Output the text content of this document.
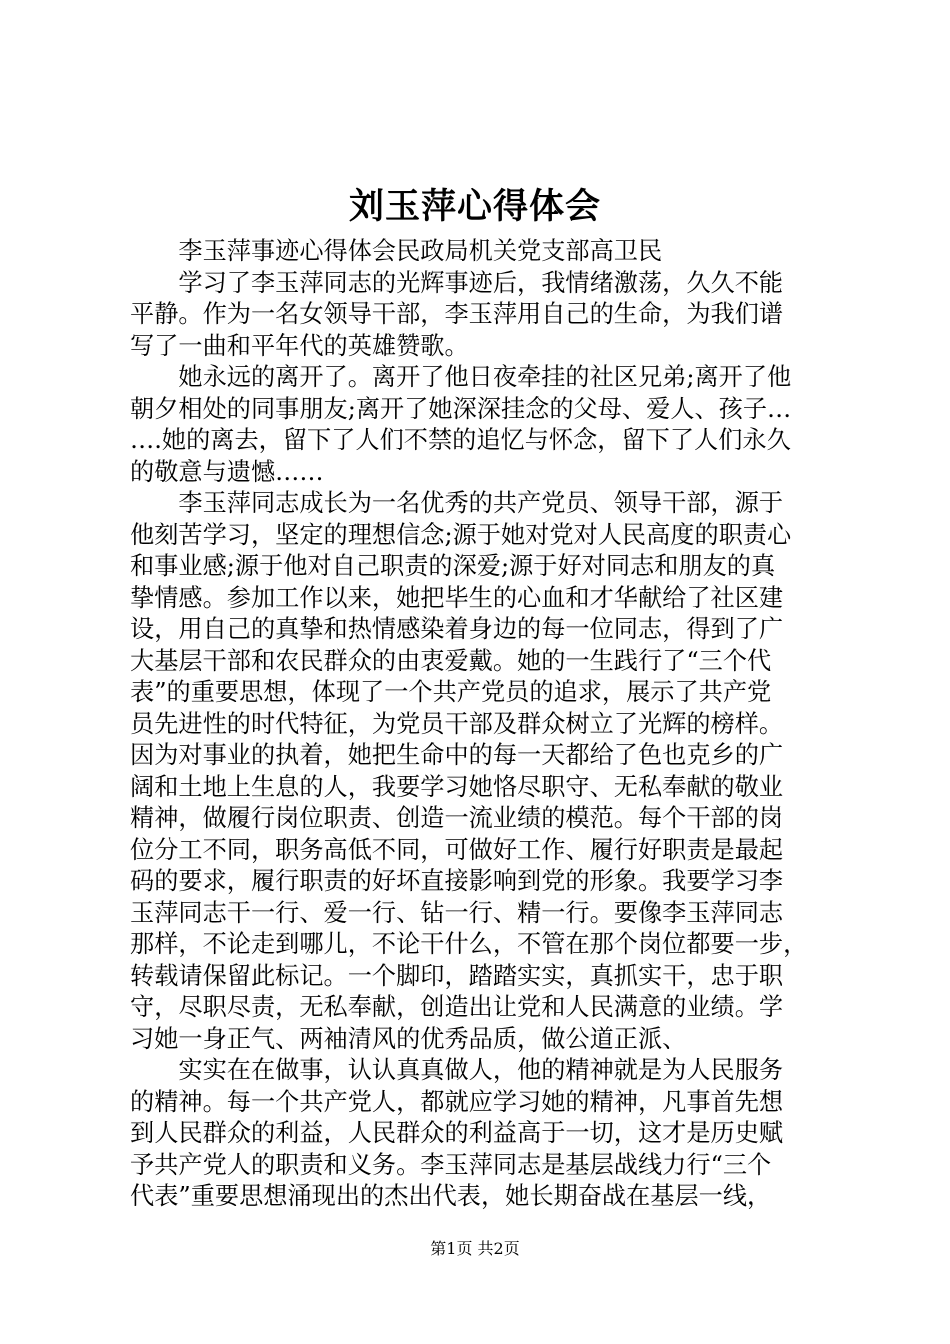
刘玉萍心得体会

　　李玉萍事迹心得体会民政局机关党支部高卫民

　　学习了李玉萍同志的光辉事迹后，我情绪激荡，久久不能
平静。作为一名女领导干部，李玉萍用自己的生命，为我们谱
写了一曲和平年代的英雄赞歌。

　　她永远的离开了。离开了他日夜牵挂的社区兄弟;离开了他
朝夕相处的同事朋友;离开了她深深挂念的父母、爱人、孩子…
….她的离去，留下了人们不禁的追忆与怀念，留下了人们永久
的敬意与遗憾……

　　李玉萍同志成长为一名优秀的共产党员、领导干部，源于
他刻苦学习，坚定的理想信念;源于她对党对人民高度的职责心
和事业感;源于他对自己职责的深爱;源于好对同志和朋友的真
挚情感。参加工作以来，她把毕生的心血和才华献给了社区建
设，用自己的真挚和热情感染着身边的每一位同志，得到了广
大基层干部和农民群众的由衷爱戴。她的一生践行了“三个代
表”的重要思想，体现了一个共产党员的追求，展示了共产党
员先进性的时代特征，为党员干部及群众树立了光辉的榜样。
因为对事业的执着，她把生命中的每一天都给了色也克乡的广
阔和土地上生息的人，我要学习她恪尽职守、无私奉献的敬业
精神，做履行岗位职责、创造一流业绩的模范。每个干部的岗
位分工不同，职务高低不同，可做好工作、履行好职责是最起
码的要求，履行职责的好坏直接影响到党的形象。我要学习李
玉萍同志干一行、爱一行、钻一行、精一行。要像李玉萍同志
那样，不论走到哪儿，不论干什么，不管在那个岗位都要一步，
转载请保留此标记。一个脚印，踏踏实实，真抓实干，忠于职
守，尽职尽责，无私奉献，创造出让党和人民满意的业绩。学
习她一身正气、两袖清风的优秀品质，做公道正派、

　　实实在在做事，认认真真做人，他的精神就是为人民服务
的精神。每一个共产党人，都就应学习她的精神，凡事首先想
到人民群众的利益，人民群众的利益高于一切，这才是历史赋
予共产党人的职责和义务。李玉萍同志是基层战线力行“三个
代表”重要思想涌现出的杰出代表，她长期奋战在基层一线，

第1页 共2页
